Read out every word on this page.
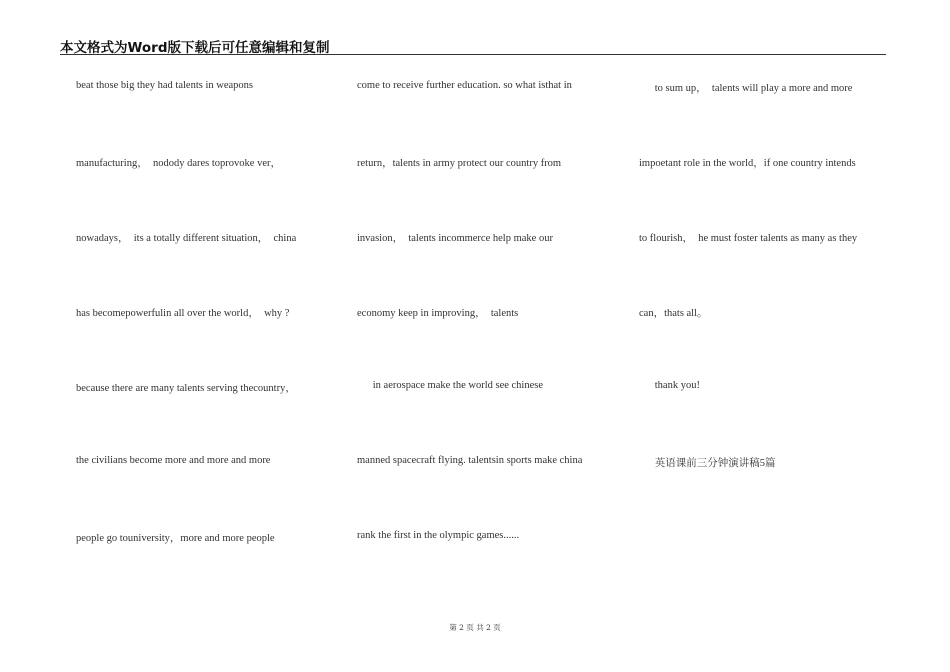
本文格式为Word版下载后可任意编辑和复制
beat those big they had talents in weapons
manufacturing，  nodody dares toprovoke ver，
nowadays，  its a totally different situation，  china
has becomepowerfulin all over the world，  why ?
because there are many talents serving thecountry，
the civilians become more and more and more
people go touniversity，more and more people
come to receive further education. so what isthat in
return，talents in army protect our country from
invasion，  talents incommerce help make our
economy keep in improving，  talents
in aerospace make the world see chinese
manned spacecraft flying. talentsin sports make china
rank the first in the olympic games......
to sum up，  talents will play a more and more
impoetant role in the world，if one country intends
to flourish，  he must foster talents as many as they
can，thats all。
thank you!
英语课前三分钟演讲稿5篇
第 2 页 共 2 页
